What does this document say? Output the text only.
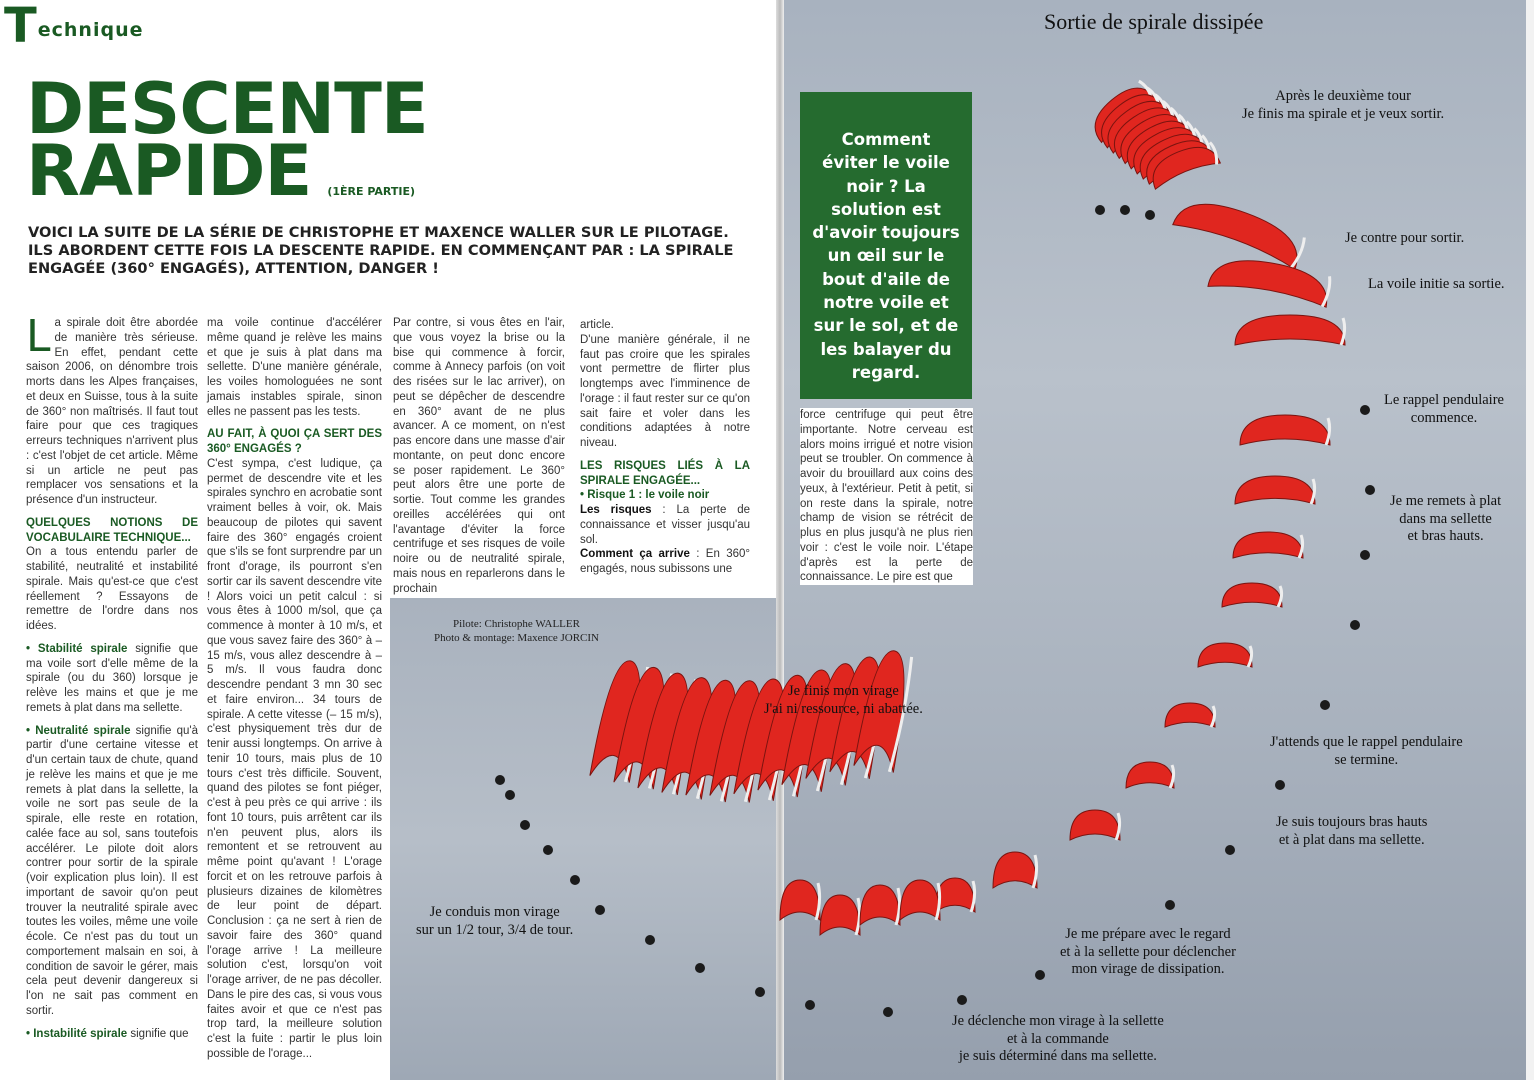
Technique
DESCENTE
RAPIDE (1ÈRE PARTIE)
VOICI LA SUITE DE LA SÉRIE DE CHRISTOPHE ET MAXENCE WALLER SUR LE PILOTAGE. ILS ABORDENT CETTE FOIS LA DESCENTE RAPIDE. EN COMMENÇANT PAR : LA SPIRALE ENGAGÉE (360° ENGAGÉS), ATTENTION, DANGER !

La spirale doit être abordée de manière très sérieuse. En effet, pendant cette saison 2006, on dénombre trois morts dans les Alpes françaises, et deux en Suisse, tous à la suite de 360° non maîtrisés. Il faut tout faire pour que ces tragiques erreurs techniques n'arrivent plus : c'est l'objet de cet article. Même si un article ne peut pas remplacer vos sensations et la présence d'un instructeur.

QUELQUES NOTIONS DE VOCABULAIRE TECHNIQUE...

On a tous entendu parler de stabilité, neutralité et instabilité spirale. Mais qu'est-ce que c'est réellement ? Essayons de remettre de l'ordre dans nos idées.

• Stabilité spirale signifie que ma voile sort d'elle même de la spirale (ou du 360) lorsque je relève les mains et que je me remets à plat dans ma sellette.

• Neutralité spirale signifie qu'à partir d'une certaine vitesse et d'un certain taux de chute, quand je relève les mains et que je me remets à plat dans la sellette, la voile ne sort pas seule de la spirale, elle reste en rotation, calée face au sol, sans toutefois accélérer. Le pilote doit alors contrer pour sortir de la spirale (voir explication plus loin). Il est important de savoir qu'on peut trouver la neutralité spirale avec toutes les voiles, même une voile école. Ce n'est pas du tout un comportement malsain en soi, à condition de savoir le gérer, mais cela peut devenir dangereux si l'on ne sait pas comment en sortir.

• Instabilité spirale signifie que

ma voile continue d'accélérer même quand je relève les mains et que je suis à plat dans ma sellette. D'une manière générale, les voiles homologuées ne sont jamais instables spirale, sinon elles ne passent pas les tests.

AU FAIT, À QUOI ÇA SERT DES 360° ENGAGÉS ?

C'est sympa, c'est ludique, ça permet de descendre vite et les spirales synchro en acrobatie sont vraiment belles à voir, ok. Mais beaucoup de pilotes qui savent faire des 360° engagés croient que s'ils se font surprendre par un front d'orage, ils pourront s'en sortir car ils savent descendre vite ! Alors voici un petit calcul : si vous êtes à 1000 m/sol, que ça commence à monter à 10 m/s, et que vous savez faire des 360° à – 15 m/s, vous allez descendre à – 5 m/s. Il vous faudra donc descendre pendant 3 mn 30 sec et faire environ... 34 tours de spirale. A cette vitesse (– 15 m/s), c'est physiquement très dur de tenir aussi longtemps. On arrive à tenir 10 tours, mais plus de 10 tours c'est très difficile. Souvent, quand des pilotes se font piéger, c'est à peu près ce qui arrive : ils font 10 tours, puis arrêtent car ils n'en peuvent plus, alors ils remontent et se retrouvent au même point qu'avant ! L'orage forcit et on les retrouve parfois à plusieurs dizaines de kilomètres de leur point de départ. Conclusion : ça ne sert à rien de savoir faire des 360° quand l'orage arrive ! La meilleure solution c'est, lorsqu'on voit l'orage arriver, de ne pas décoller. Dans le pire des cas, si vous vous faites avoir et que ce n'est pas trop tard, la meilleure solution c'est la fuite : partir le plus loin possible de l'orage...

Par contre, si vous êtes en l'air, que vous voyez la brise ou la bise qui commence à forcir, comme à Annecy parfois (on voit des risées sur le lac arriver), on peut se dépêcher de descendre en 360° avant de ne plus avancer. A ce moment, on n'est pas encore dans une masse d'air montante, on peut donc encore se poser rapidement. Le 360° peut alors être une porte de sortie. Tout comme les grandes oreilles accélérées qui ont l'avantage d'éviter la force centrifuge et ses risques de voile noire ou de neutralité spirale, mais nous en reparlerons dans le prochain

article.

D'une manière générale, il ne faut pas croire que les spirales vont permettre de flirter plus longtemps avec l'imminence de l'orage : il faut rester sur ce qu'on sait faire et voler dans les conditions adaptées à notre niveau.

LES RISQUES LIÉS À LA SPIRALE ENGAGÉE...

• Risque 1 : le voile noir

Les risques : La perte de connaissance et visser jusqu'au sol.

Comment ça arrive : En 360° engagés, nous subissons une

Comment éviter le voile noir ? La solution est d'avoir toujours un œil sur le bout d'aile de notre voile et sur le sol, et de les balayer du regard.

force centrifuge qui peut être importante. Notre cerveau est alors moins irrigué et notre vision peut se troubler. On commence à avoir du brouillard aux coins des yeux, à l'extérieur. Petit à petit, si on reste dans la spirale, notre champ de vision se rétrécit de plus en plus jusqu'à ne plus rien voir : c'est le voile noir. L'étape d'après est la perte de connaissance. Le pire est que

Sortie de spirale dissipée
Pilote: Christophe WALLER
Photo & montage: Maxence JORCIN
Après le deuxième tour
Je finis ma spirale et je veux sortir.
Je contre pour sortir.
La voile initie sa sortie.
Le rappel pendulaire
commence.
Je me remets à plat
dans ma sellette
et bras hauts.
J'attends que le rappel pendulaire
se termine.
Je suis toujours bras hauts
et à plat dans ma sellette.
Je me prépare avec le regard
et à la sellette pour déclencher
mon virage de dissipation.
Je déclenche mon virage à la sellette
et à la commande
je suis déterminé dans ma sellette.
Je finis mon virage
J'ai ni ressource, ni abattée.
Je conduis mon virage
sur un 1/2 tour, 3/4 de tour.
